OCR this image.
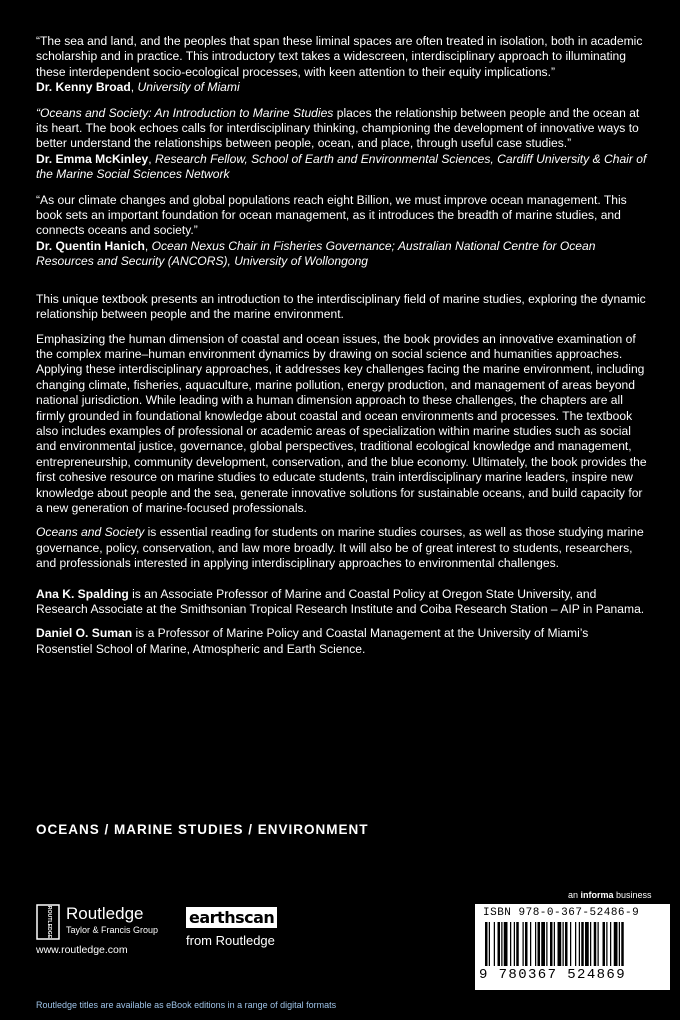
“The sea and land, and the peoples that span these liminal spaces are often treated in isolation, both in academic scholarship and in practice. This introductory text takes a widescreen, interdisciplinary approach to illuminating these interdependent socio-ecological processes, with keen attention to their equity implications.”

Dr. Kenny Broad, University of Miami

“Oceans and Society: An Introduction to Marine Studies places the relationship between people and the ocean at its heart. The book echoes calls for interdisciplinary thinking, championing the development of innovative ways to better understand the relationships between people, ocean, and place, through useful case studies.”

Dr. Emma McKinley, Research Fellow, School of Earth and Environmental Sciences, Cardiff University & Chair of the Marine Social Sciences Network

“As our climate changes and global populations reach eight Billion, we must improve ocean management. This book sets an important foundation for ocean management, as it introduces the breadth of marine studies, and connects oceans and society.”

Dr. Quentin Hanich, Ocean Nexus Chair in Fisheries Governance; Australian National Centre for Ocean Resources and Security (ANCORS), University of Wollongong

This unique textbook presents an introduction to the interdisciplinary field of marine studies, exploring the dynamic relationship between people and the marine environment.

Emphasizing the human dimension of coastal and ocean issues, the book provides an innovative examination of the complex marine–human environment dynamics by drawing on social science and humanities approaches. Applying these interdisciplinary approaches, it addresses key challenges facing the marine environment, including changing climate, fisheries, aquaculture, marine pollution, energy production, and management of areas beyond national jurisdiction. While leading with a human dimension approach to these challenges, the chapters are all firmly grounded in foundational knowledge about coastal and ocean environments and processes. The textbook also includes examples of professional or academic areas of specialization within marine studies such as social and environmental justice, governance, global perspectives, traditional ecological knowledge and management, entrepreneurship, community development, conservation, and the blue economy. Ultimately, the book provides the first cohesive resource on marine studies to educate students, train interdisciplinary marine leaders, inspire new knowledge about people and the sea, generate innovative solutions for sustainable oceans, and build capacity for a new generation of marine-focused professionals.

Oceans and Society is essential reading for students on marine studies courses, as well as those studying marine governance, policy, conservation, and law more broadly. It will also be of great interest to students, researchers, and professionals interested in applying interdisciplinary approaches to environmental challenges.

Ana K. Spalding is an Associate Professor of Marine and Coastal Policy at Oregon State University, and Research Associate at the Smithsonian Tropical Research Institute and Coiba Research Station – AIP in Panama.

Daniel O. Suman is a Professor of Marine Policy and Coastal Management at the University of Miami’s Rosenstiel School of Marine, Atmospheric and Earth Science.

OCEANS / MARINE STUDIES / ENVIRONMENT
an informa business
ROUTLEDGE Routledge
Taylor & Francis Group
www.routledge.com
earthscan
from Routledge
ISBN 978-0-367-52486-9
9 780367 524869
Routledge titles are available as eBook editions in a range of digital formats
